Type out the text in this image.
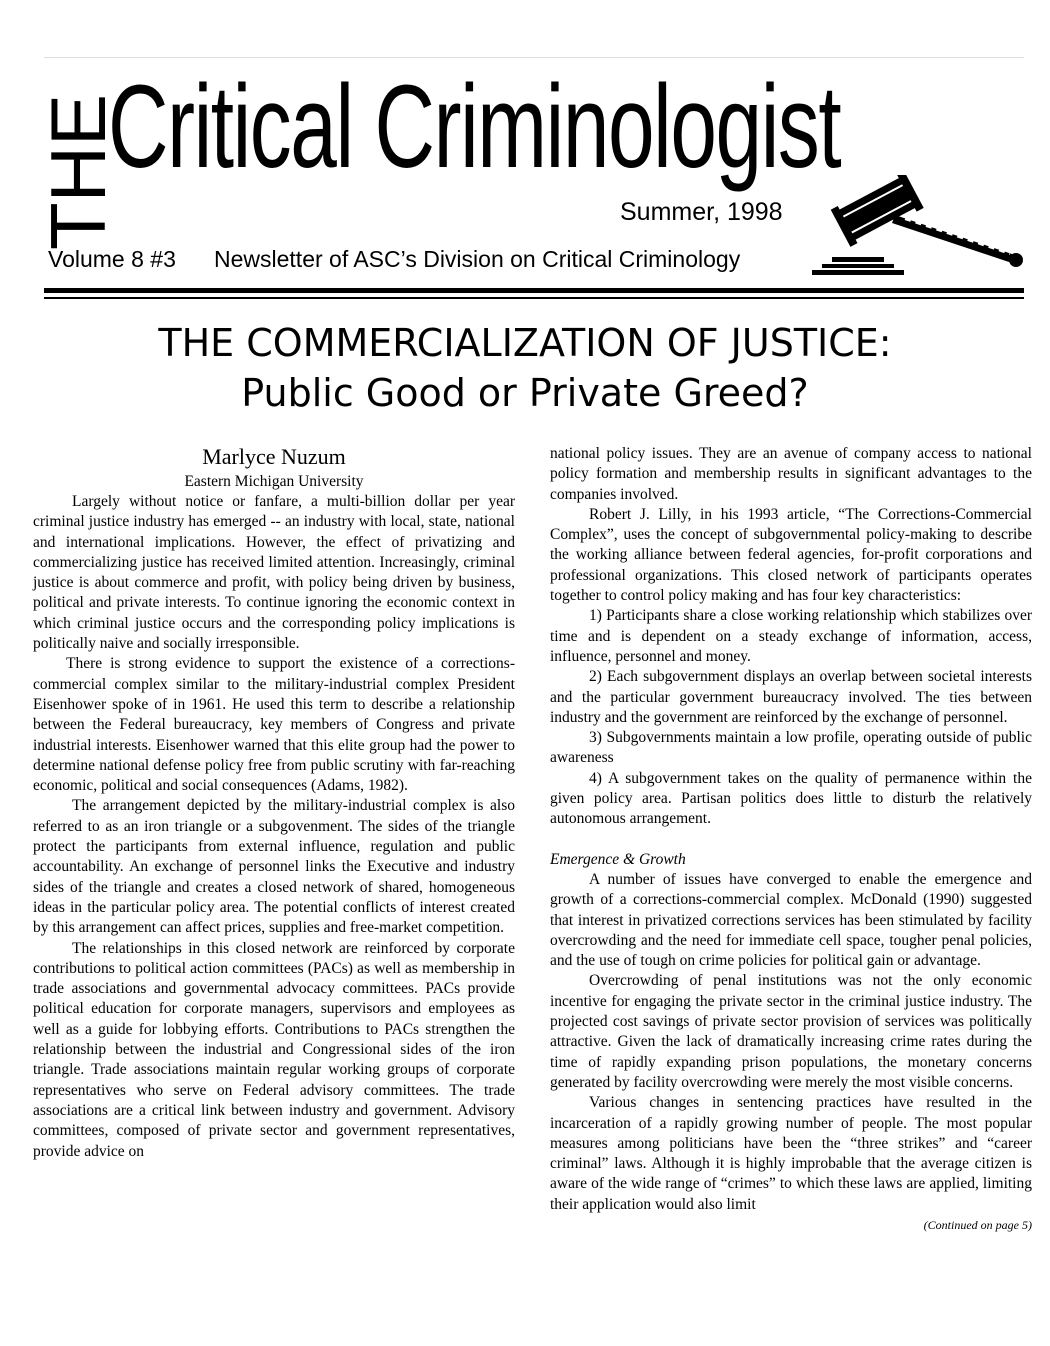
THE
Critical Criminologist
Summer, 1998
Volume 8 #3 Newsletter of ASC’s Division on Critical Criminology
THE COMMERCIALIZATION OF JUSTICE:
Public Good or Private Greed?

Marlyce Nuzum

Eastern Michigan University

Largely without notice or fanfare, a multi-billion dollar per year criminal justice industry has emerged -- an industry with local, state, national and international implications. However, the effect of privatizing and commercializing justice has received limited attention. Increasingly, criminal justice is about commerce and profit, with policy being driven by business, political and private interests. To continue ignoring the economic context in which criminal justice occurs and the corresponding policy implications is politically naive and socially irresponsible.

There is strong evidence to support the existence of a corrections-commercial complex similar to the military-industrial complex President Eisenhower spoke of in 1961. He used this term to describe a relationship between the Federal bureaucracy, key members of Congress and private industrial interests. Eisenhower warned that this elite group had the power to determine national defense policy free from public scrutiny with far-reaching economic, political and social consequences (Adams, 1982).

The arrangement depicted by the military-industrial complex is also referred to as an iron triangle or a subgovenment. The sides of the triangle protect the participants from external influence, regulation and public accountability. An exchange of personnel links the Executive and industry sides of the triangle and creates a closed network of shared, homogeneous ideas in the particular policy area. The potential conflicts of interest created by this arrangement can affect prices, supplies and free-market competition.

The relationships in this closed network are reinforced by corporate contributions to political action committees (PACs) as well as membership in trade associations and governmental advocacy committees. PACs provide political education for corporate managers, supervisors and employees as well as a guide for lobbying efforts. Contributions to PACs strengthen the relationship between the industrial and Congressional sides of the iron triangle. Trade associations maintain regular working groups of corporate representatives who serve on Federal advisory committees. The trade associations are a critical link between industry and government. Advisory committees, composed of private sector and government representatives, provide advice on

national policy issues. They are an avenue of company access to national policy formation and membership results in significant advantages to the companies involved.

Robert J. Lilly, in his 1993 article, “The Corrections-Commercial Complex”, uses the concept of subgovernmental policy-making to describe the working alliance between federal agencies, for-profit corporations and professional organizations. This closed network of participants operates together to control policy making and has four key characteristics:

1) Participants share a close working relationship which stabilizes over time and is dependent on a steady exchange of information, access, influence, personnel and money.

2) Each subgovernment displays an overlap between societal interests and the particular government bureaucracy involved. The ties between industry and the government are reinforced by the exchange of personnel.

3) Subgovernments maintain a low profile, operating outside of public awareness

4) A subgovernment takes on the quality of permanence within the given policy area. Partisan politics does little to disturb the relatively autonomous arrangement.

Emergence & Growth

A number of issues have converged to enable the emergence and growth of a corrections-commercial complex. McDonald (1990) suggested that interest in privatized corrections services has been stimulated by facility overcrowding and the need for immediate cell space, tougher penal policies, and the use of tough on crime policies for political gain or advantage.

Overcrowding of penal institutions was not the only economic incentive for engaging the private sector in the criminal justice industry. The projected cost savings of private sector provision of services was politically attractive. Given the lack of dramatically increasing crime rates during the time of rapidly expanding prison populations, the monetary concerns generated by facility overcrowding were merely the most visible concerns.

Various changes in sentencing practices have resulted in the incarceration of a rapidly growing number of people. The most popular measures among politicians have been the “three strikes” and “career criminal” laws. Although it is highly improbable that the average citizen is aware of the wide range of “crimes” to which these laws are applied, limiting their application would also limit

(Continued on page 5)
